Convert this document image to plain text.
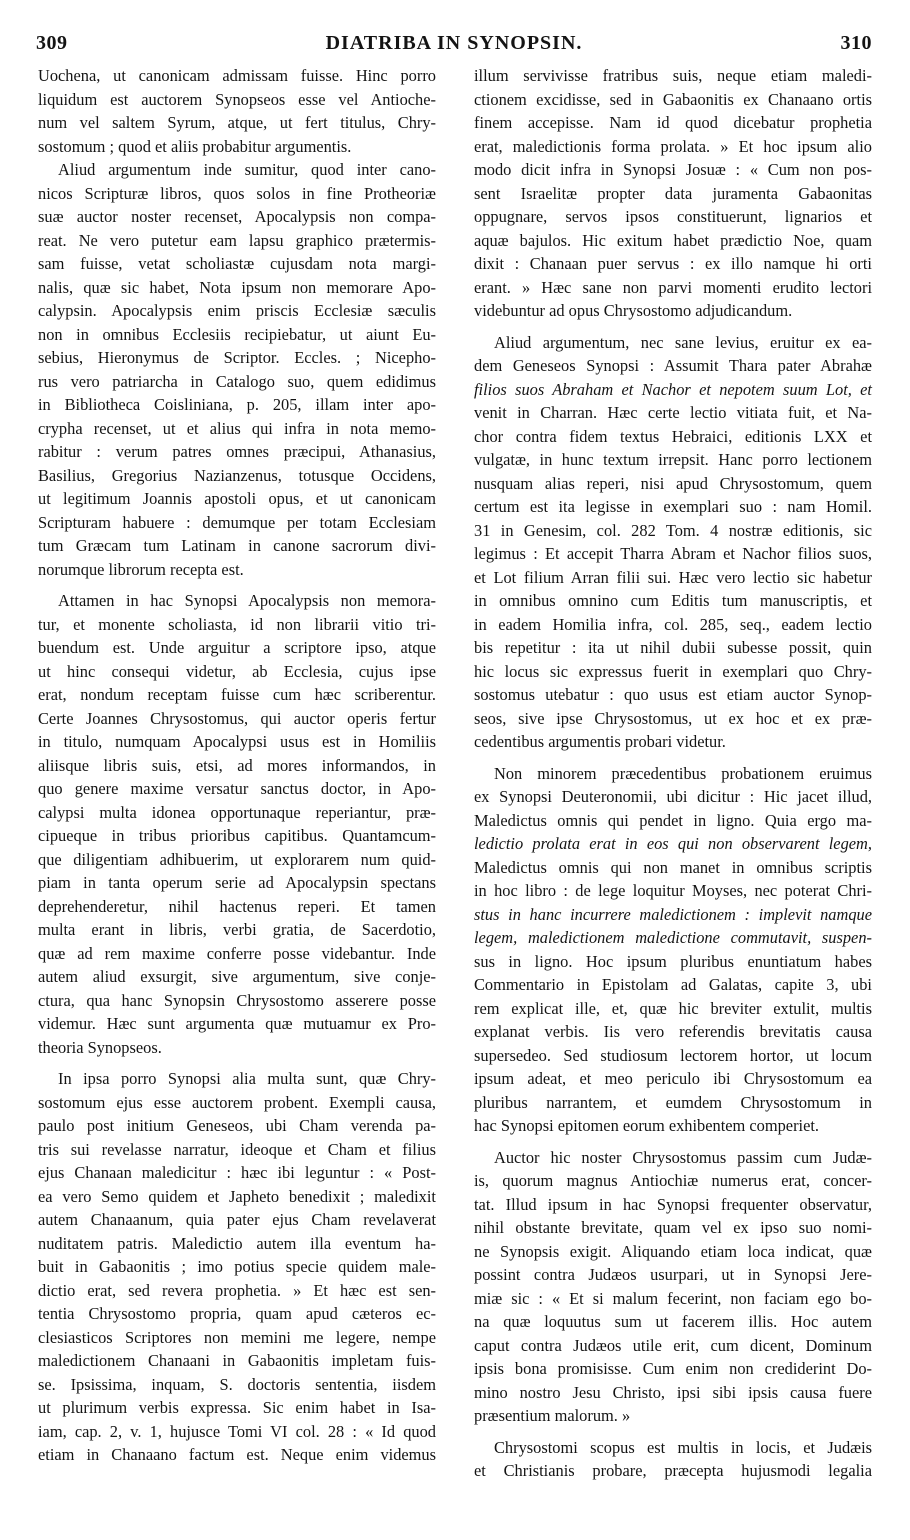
309	DIATRIBA IN SYNOPSIN.	310
Uochena, ut canonicam admissam fuisse. Hinc porro
liquidum est auctorem Synopseos esse vel Antioche-
num vel saltem Syrum, atque, ut fert titulus, Chry-
sostomum ; quod et aliis probabitur argumentis.
Aliud argumentum inde sumitur, quod inter cano-
nicos Scripturæ libros, quos solos in fine Protheoriæ
suæ auctor noster recenset, Apocalypsis non compa-
reat. Ne vero putetur eam lapsu graphico prætermis-
sam fuisse, vetat scholiastæ cujusdam nota margi-
nalis, quæ sic habet, Nota ipsum non memorare Apo-
calypsin. Apocalypsis enim priscis Ecclesiæ sæculis
non in omnibus Ecclesiis recipiebatur, ut aiunt Eu-
sebius, Hieronymus de Scriptor. Eccles. ; Nicepho-
rus vero patriarcha in Catalogo suo, quem edidimus
in Bibliotheca Coisliniana, p. 205, illam inter apo-
crypha recenset, ut et alius qui infra in nota memo-
rabitur : verum patres omnes præcipui, Athanasius,
Basilius, Gregorius Nazianzenus, totusque Occidens,
ut legitimum Joannis apostoli opus, et ut canonicam
Scripturam habuere : demumque per totam Ecclesiam
tum Græcam tum Latinam in canone sacrorum divi-
norumque librorum recepta est.
Attamen in hac Synopsi Apocalypsis non memora-
tur, et monente scholiasta, id non librarii vitio tri-
buendum est. Unde arguitur a scriptore ipso, atque
ut hinc consequi videtur, ab Ecclesia, cujus ipse
erat, nondum receptam fuisse cum hæc scriberentur.
Certe Joannes Chrysostomus, qui auctor operis fertur
in titulo, numquam Apocalypsi usus est in Homiliis
aliisque libris suis, etsi, ad mores informandos, in
quo genere maxime versatur sanctus doctor, in Apo-
calypsi multa idonea opportunaque reperiantur, præ-
cipueque in tribus prioribus capitibus. Quantamcum-
que diligentiam adhibuerim, ut explorarem num quid-
piam in tanta operum serie ad Apocalypsin spectans
deprehenderetur, nihil hactenus reperi. Et tamen
multa erant in libris, verbi gratia, de Sacerdotio,
quæ ad rem maxime conferre posse videbantur. Inde
autem aliud exsurgit, sive argumentum, sive conje-
ctura, qua hanc Synopsin Chrysostomo asserere posse
videmur. Hæc sunt argumenta quæ mutuamur ex Pro-
theoria Synopseos.
In ipsa porro Synopsi alia multa sunt, quæ Chry-
sostomum ejus esse auctorem probent. Exempli causa,
paulo post initium Geneseos, ubi Cham verenda pa-
tris sui revelasse narratur, ideoque et Cham et filius
ejus Chanaan maledicitur : hæc ibi leguntur : « Post-
ea vero Semo quidem et Japheto benedixit ; maledixit
autem Chanaanum, quia pater ejus Cham revelaverat
nuditatem patris. Maledictio autem illa eventum ha-
buit in Gabaonitis ; imo potius specie quidem male-
dictio erat, sed revera prophetia. » Et hæc est sen-
tentia Chrysostomo propria, quam apud cæteros ec-
clesiasticos Scriptores non memini me legere, nempe
maledictionem Chanaani in Gabaonitis impletam fuis-
se. Ipsissima, inquam, S. doctoris sententia, iisdem
ut plurimum verbis expressa. Sic enim habet in Isa-
iam, cap. 2, v. 1, hujusce Tomi VI col. 28 : « Id quod
etiam in Chanaano factum est. Neque enim videmus
illum servivisse fratribus suis, neque etiam maledi-
ctionem excidisse, sed in Gabaonitis ex Chanaano ortis
finem accepisse. Nam id quod dicebatur prophetia
erat, maledictionis forma prolata. » Et hoc ipsum alio
modo dicit infra in Synopsi Josuæ : « Cum non pos-
sent Israelitæ propter data juramenta Gabaonitas
oppugnare, servos ipsos constituerunt, lignarios et
aquæ bajulos. Hic exitum habet prædictio Noe, quam
dixit : Chanaan puer servus : ex illo namque hi orti
erant. » Hæc sane non parvi momenti erudito lectori
videbuntur ad opus Chrysostomo adjudicandum.
Aliud argumentum, nec sane levius, eruitur ex ea-
dem Geneseos Synopsi : Assumit Thara pater Abrahæ
filios suos Abraham et Nachor et nepotem suum Lot, et
venit in Charran. Hæc certe lectio vitiata fuit, et Na-
chor contra fidem textus Hebraici, editionis LXX et
vulgatæ, in hunc textum irrepsit. Hanc porro lectionem
nusquam alias reperi, nisi apud Chrysostomum, quem
certum est ita legisse in exemplari suo : nam Homil.
31 in Genesim, col. 282 Tom. 4 nostræ editionis, sic
legimus : Et accepit Tharra Abram et Nachor filios suos,
et Lot filium Arran filii sui. Hæc vero lectio sic habetur
in omnibus omnino cum Editis tum manuscriptis, et
in eadem Homilia infra, col. 285, seq., eadem lectio
bis repetitur : ita ut nihil dubii subesse possit, quin
hic locus sic expressus fuerit in exemplari quo Chry-
sostomus utebatur : quo usus est etiam auctor Synop-
seos, sive ipse Chrysostomus, ut ex hoc et ex præ-
cedentibus argumentis probari videtur.
Non minorem præcedentibus probationem eruimus
ex Synopsi Deuteronomii, ubi dicitur : Hic jacet illud,
Maledictus omnis qui pendet in ligno. Quia ergo ma-
ledictio prolata erat in eos qui non observarent legem,
Maledictus omnis qui non manet in omnibus scriptis
in hoc libro : de lege loquitur Moyses, nec poterat Chri-
stus in hanc incurrere maledictionem : implevit namque
legem, maledictionem maledictione commutavit, suspen-
sus in ligno. Hoc ipsum pluribus enuntiatum habes
Commentario in Epistolam ad Galatas, capite 3, ubi
rem explicat ille, et, quæ hic breviter extulit, multis
explanat verbis. Iis vero referendis brevitatis causa
supersedeo. Sed studiosum lectorem hortor, ut locum
ipsum adeat, et meo periculo ibi Chrysostomum ea
pluribus narrantem, et eumdem Chrysostomum in
hac Synopsi epitomen eorum exhibentem comperiet.
Auctor hic noster Chrysostomus passim cum Judæ-
is, quorum magnus Antiochiæ numerus erat, concer-
tat. Illud ipsum in hac Synopsi frequenter observatur,
nihil obstante brevitate, quam vel ex ipso suo nomi-
ne Synopsis exigit. Aliquando etiam loca indicat, quæ
possint contra Judæos usurpari, ut in Synopsi Jere-
miæ sic : « Et si malum fecerint, non faciam ego bo-
na quæ loquutus sum ut facerem illis. Hoc autem
caput contra Judæos utile erit, cum dicent, Dominum
ipsis bona promisisse. Cum enim non crediderint Do-
mino nostro Jesu Christo, ipsi sibi ipsis causa fuere
præsentium malorum. »
Chrysostomi scopus est multis in locis, et Judæis
et Christianis probare, præcepta hujusmodi legalia
